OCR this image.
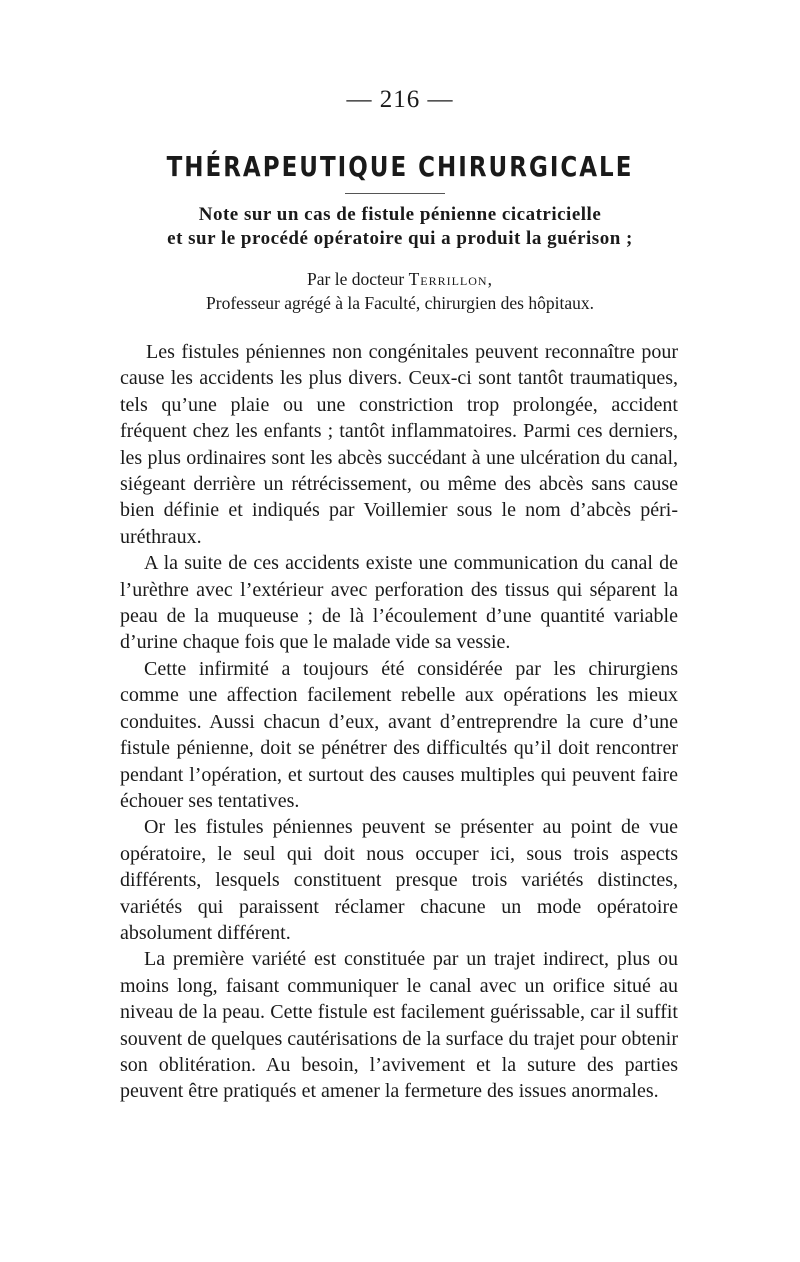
— 216 —
THÉRAPEUTIQUE CHIRURGICALE
Note sur un cas de fistule pénienne cicatricielle
et sur le procédé opératoire qui a produit la guérison ;
Par le docteur Terrillon,
Professeur agrégé à la Faculté, chirurgien des hôpitaux.

Les fistules péniennes non congénitales peuvent reconnaître pour cause les accidents les plus divers. Ceux-ci sont tantôt traumatiques, tels qu’une plaie ou une constriction trop prolongée, accident fréquent chez les enfants ; tantôt inflammatoires. Parmi ces derniers, les plus ordinaires sont les abcès succédant à une ulcération du canal, siégeant derrière un rétrécissement, ou même des abcès sans cause bien définie et indiqués par Voillemier sous le nom d’abcès péri-uréthraux.

A la suite de ces accidents existe une communication du canal de l’urèthre avec l’extérieur avec perforation des tissus qui séparent la peau de la muqueuse ; de là l’écoulement d’une quantité variable d’urine chaque fois que le malade vide sa vessie.

Cette infirmité a toujours été considérée par les chirurgiens comme une affection facilement rebelle aux opérations les mieux conduites. Aussi chacun d’eux, avant d’entreprendre la cure d’une fistule pénienne, doit se pénétrer des difficultés qu’il doit rencontrer pendant l’opération, et surtout des causes multiples qui peuvent faire échouer ses tentatives.

Or les fistules péniennes peuvent se présenter au point de vue opératoire, le seul qui doit nous occuper ici, sous trois aspects différents, lesquels constituent presque trois variétés distinctes, variétés qui paraissent réclamer chacune un mode opératoire absolument différent.

La première variété est constituée par un trajet indirect, plus ou moins long, faisant communiquer le canal avec un orifice situé au niveau de la peau. Cette fistule est facilement guérissable, car il suffit souvent de quelques cautérisations de la surface du trajet pour obtenir son oblitération. Au besoin, l’avivement et la suture des parties peuvent être pratiqués et amener la fermeture des issues anormales.
